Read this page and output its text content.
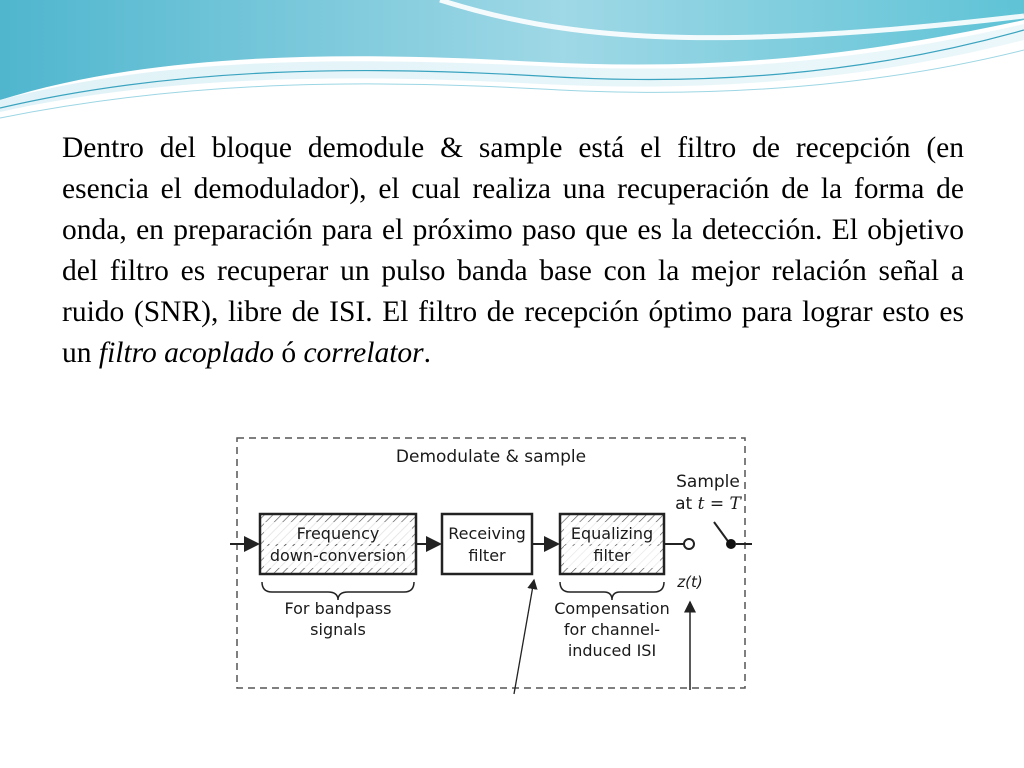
Dentro del bloque demodule & sample está el filtro de recepción (en esencia el demodulador), el cual realiza una recuperación de la forma de onda, en preparación para el próximo paso que es la detección. El objetivo del filtro es recuperar un pulso banda base con la mejor relación señal a ruido (SNR), libre de ISI. El filtro de recepción óptimo para lograr esto es un filtro acoplado ó correlator.
Demodulate & sample
Frequency
down-conversion
Receiving
filter
Equalizing
filter
Sample
at t = T
z(t)
For bandpass
signals
Compensation
for channel-
induced ISI
